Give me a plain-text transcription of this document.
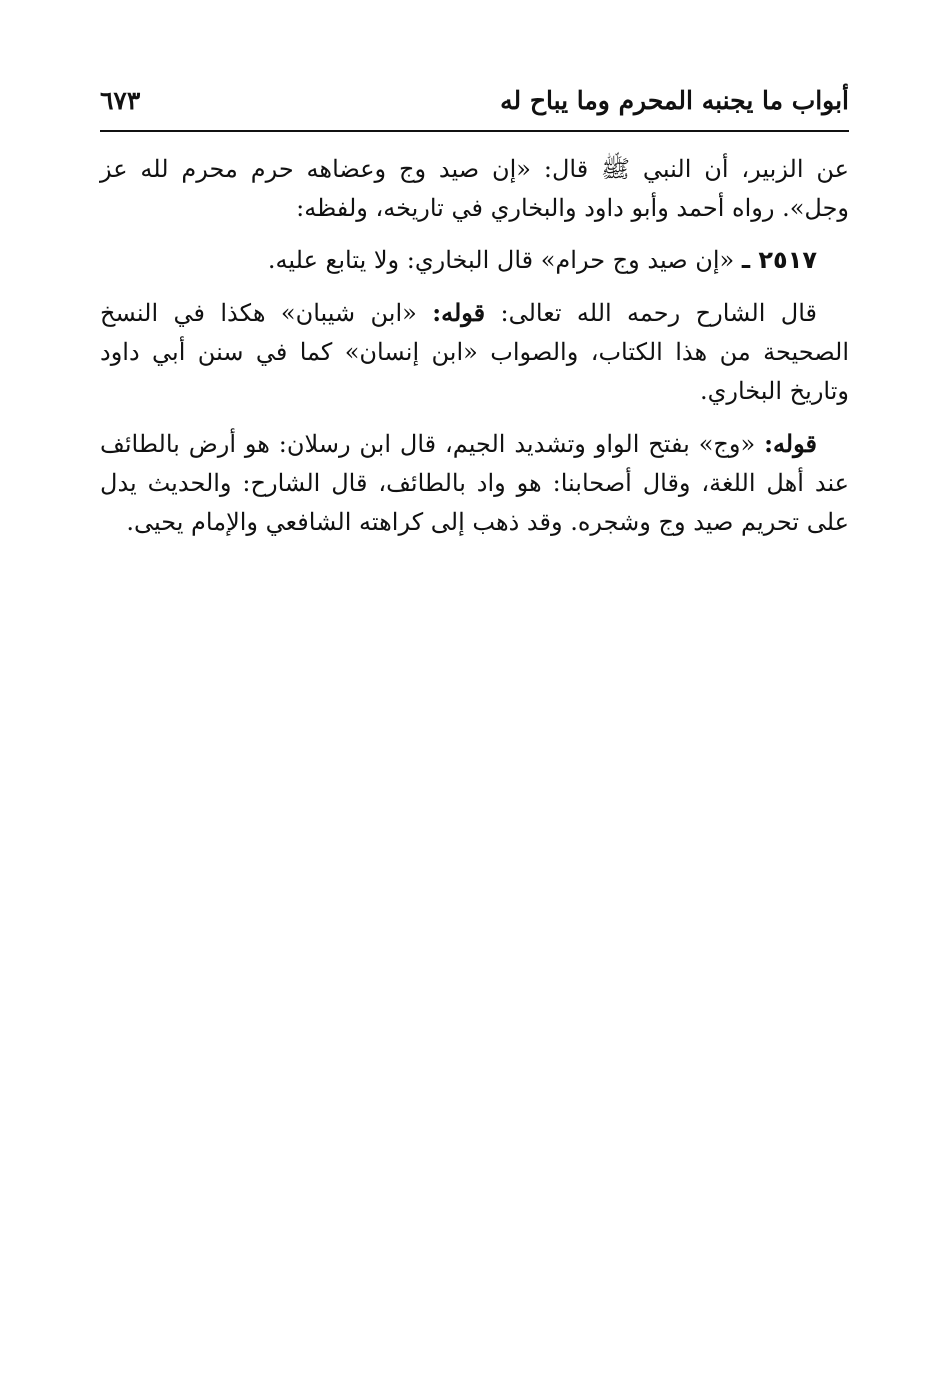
أبواب ما يجنبه المحرم وما يباح له
٦٧٣

عن الزبير، أن النبي ﷺ قال: «إن صيد وج وعضاهه حرم محرم لله عز وجل». رواه أحمد وأبو داود والبخاري في تاريخه، ولفظه:

٢٥١٧ ـ «إن صيد وج حرام» قال البخاري: ولا يتابع عليه.

قال الشارح رحمه الله تعالى: قوله: «ابن شيبان» هكذا في النسخ الصحيحة من هذا الكتاب، والصواب «ابن إنسان» كما في سنن أبي داود وتاريخ البخاري.

قوله: «وج» بفتح الواو وتشديد الجيم، قال ابن رسلان: هو أرض بالطائف عند أهل اللغة، وقال أصحابنا: هو واد بالطائف، قال الشارح: والحديث يدل على تحريم صيد وج وشجره. وقد ذهب إلى كراهته الشافعي والإمام يحيى.
